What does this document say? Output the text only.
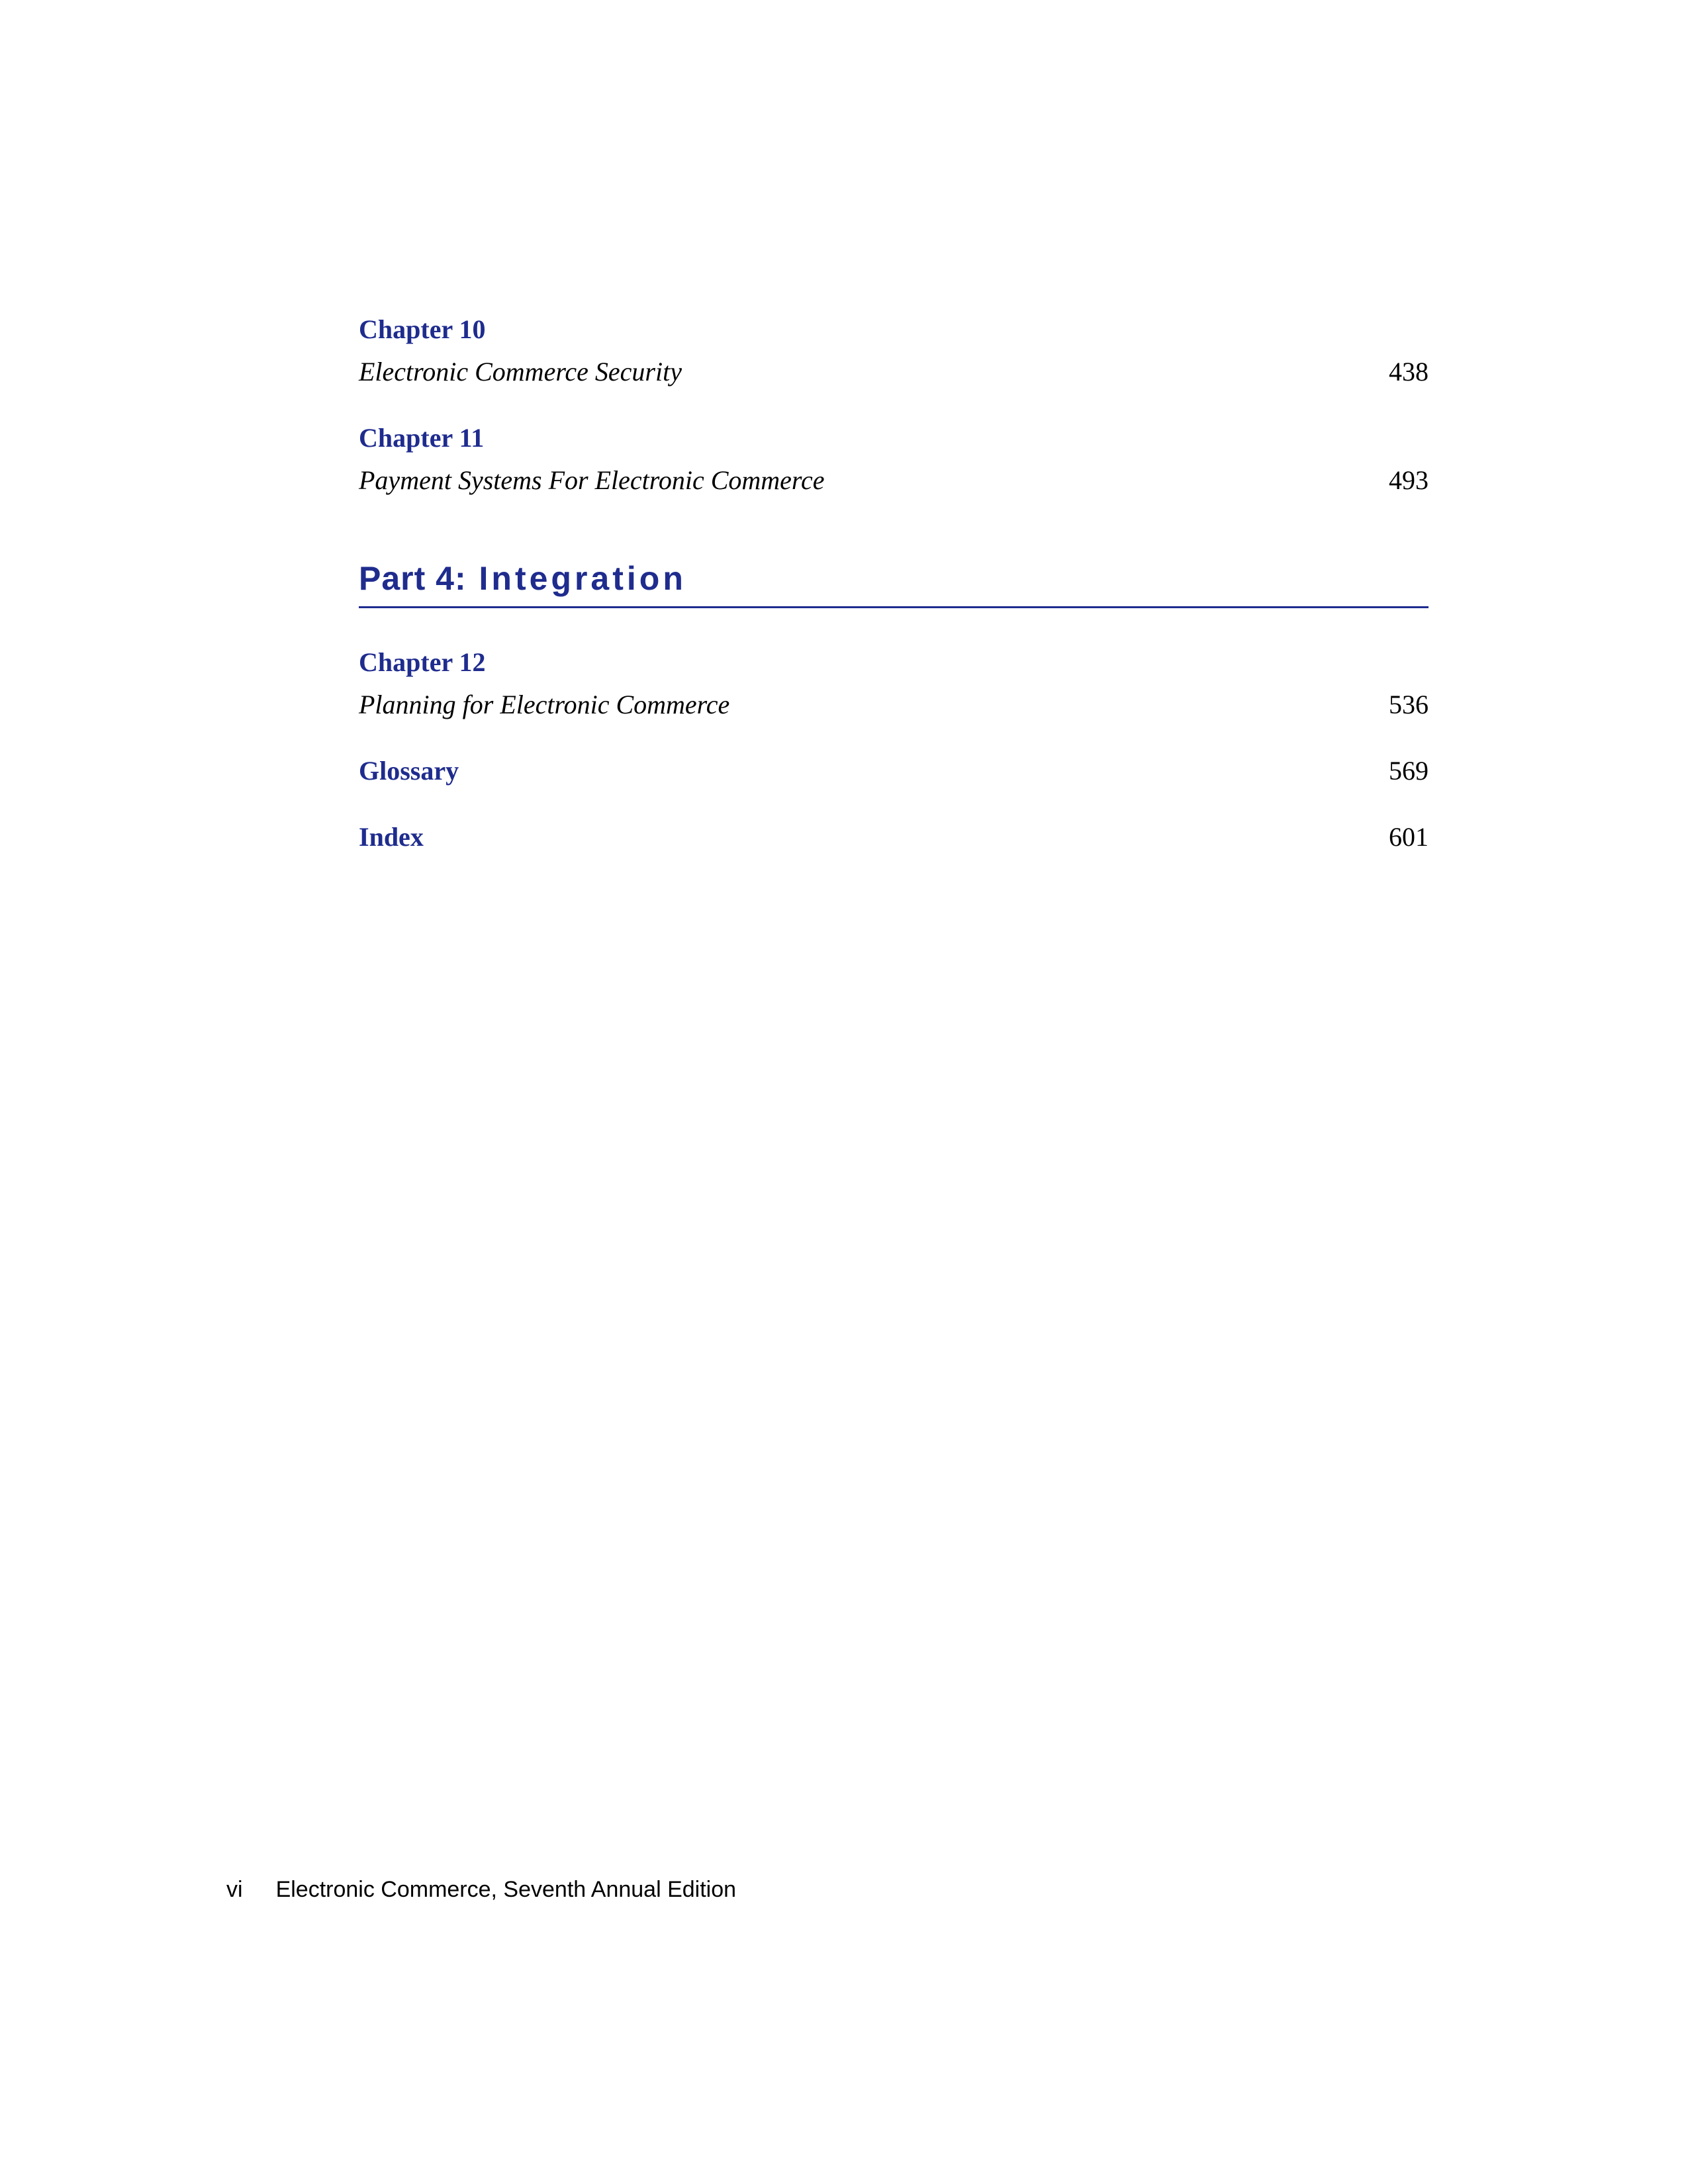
Chapter 10
Electronic Commerce Security	438
Chapter 11
Payment Systems For Electronic Commerce	493
Part 4: Integration
Chapter 12
Planning for Electronic Commerce	536
Glossary	569
Index	601
vi Electronic Commerce, Seventh Annual Edition
